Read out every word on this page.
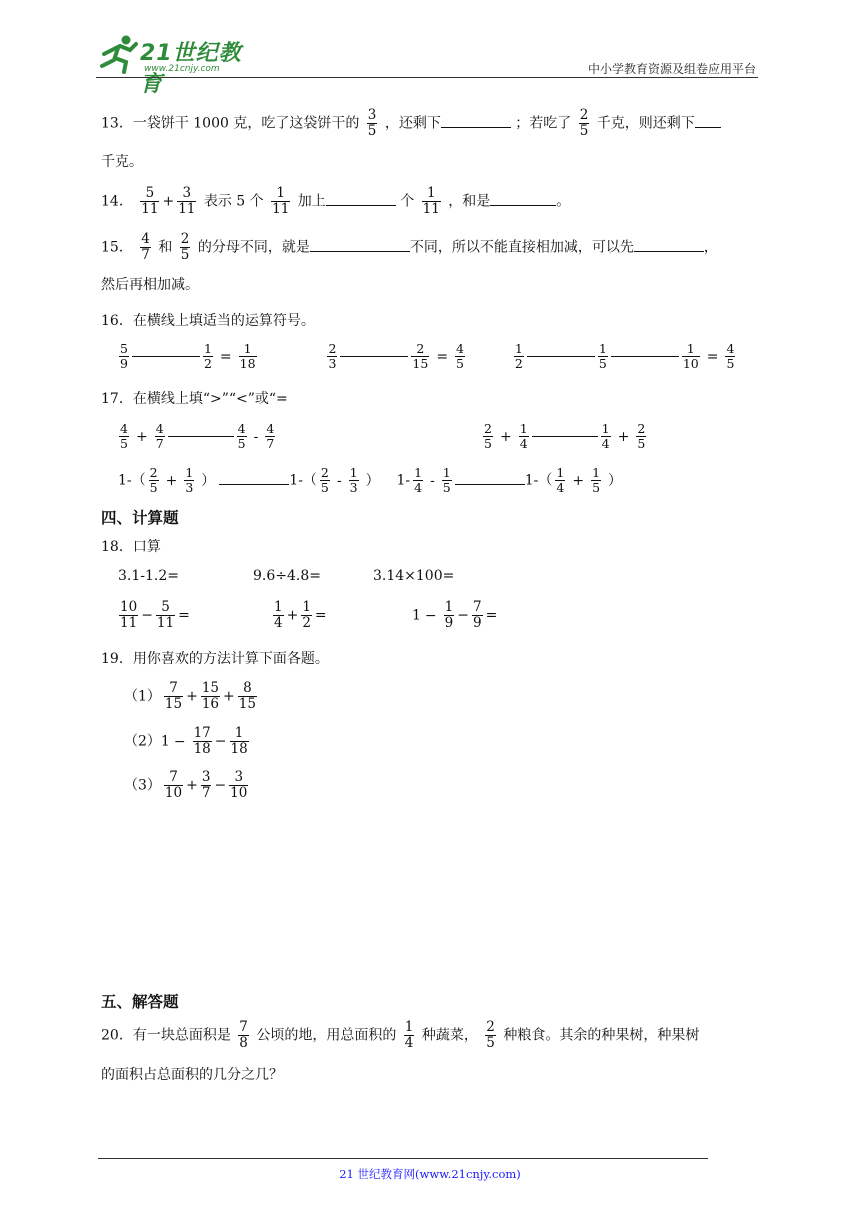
21世纪教育
www.21cnjy.com	中小学教育资源及组卷应用平台
13．一袋饼干 1000 克，吃了这袋饼干的 $\frac{3}{5}$ ，还剩下	；若吃了 $\frac{2}{5}$ 千克，则还剩下
千克。
14． $\frac{5}{11} + \frac{3}{11}$ 表示 5 个 $\frac{1}{11}$ 加上	个 $\frac{1}{11}$ ，和是	。
15． $\frac{4}{7}$ 和 $\frac{2}{5}$ 的分母不同，就是	不同，所以不能直接相加减，可以先	，
然后再相加减。
16．在横线上填适当的运算符号。
$\frac{5}{9}$	$\frac{1}{2} = \frac{1}{18}$
	$\frac{2}{3}$	$\frac{2}{15} = \frac{4}{5}$
	$\frac{1}{2}$	$\frac{1}{5}$	$\frac{1}{10} = \frac{4}{5}$
17．在横线上填“>”“<”或“=
$\frac{4}{5} + \frac{4}{7}$	$\frac{4}{5} - \frac{4}{7}$	$\frac{2}{5} + \frac{1}{4}$	$\frac{1}{4} + \frac{2}{5}$
$1-( \frac{2}{5} + \frac{1}{3}$ ）	$1-( \frac{2}{5} - \frac{1}{3}$ ） $1- \frac{1}{4} - \frac{1}{5}$	$1-( \frac{1}{4} + \frac{1}{5}$ ）
四、计算题
18．口算
3.1-1.2=	9.6÷4.8=	3.14×100=
$\frac{10}{11} - \frac{5}{11}$ =	$\frac{1}{4} + \frac{1}{2}$ =	$1 - \frac{1}{9} - \frac{7}{9}$ =
19．用你喜欢的方法计算下面各题。
$(1) \frac{7}{15} + \frac{15}{16} + \frac{8}{15}$
$(2)1 - \frac{17}{18} - \frac{1}{18}$
$(3) \frac{7}{10} + \frac{3}{7} - \frac{3}{10}$
五、解答题
20．有一块总面积是 $\frac{7}{8}$ 公顷的地，用总面积的 $\frac{1}{4}$ 种蔬菜， $\frac{2}{5}$ 种粮食。其余的种果树，种果树
的面积占总面积的几分之几？
21 世纪教育网(www.21cnjy.com)
